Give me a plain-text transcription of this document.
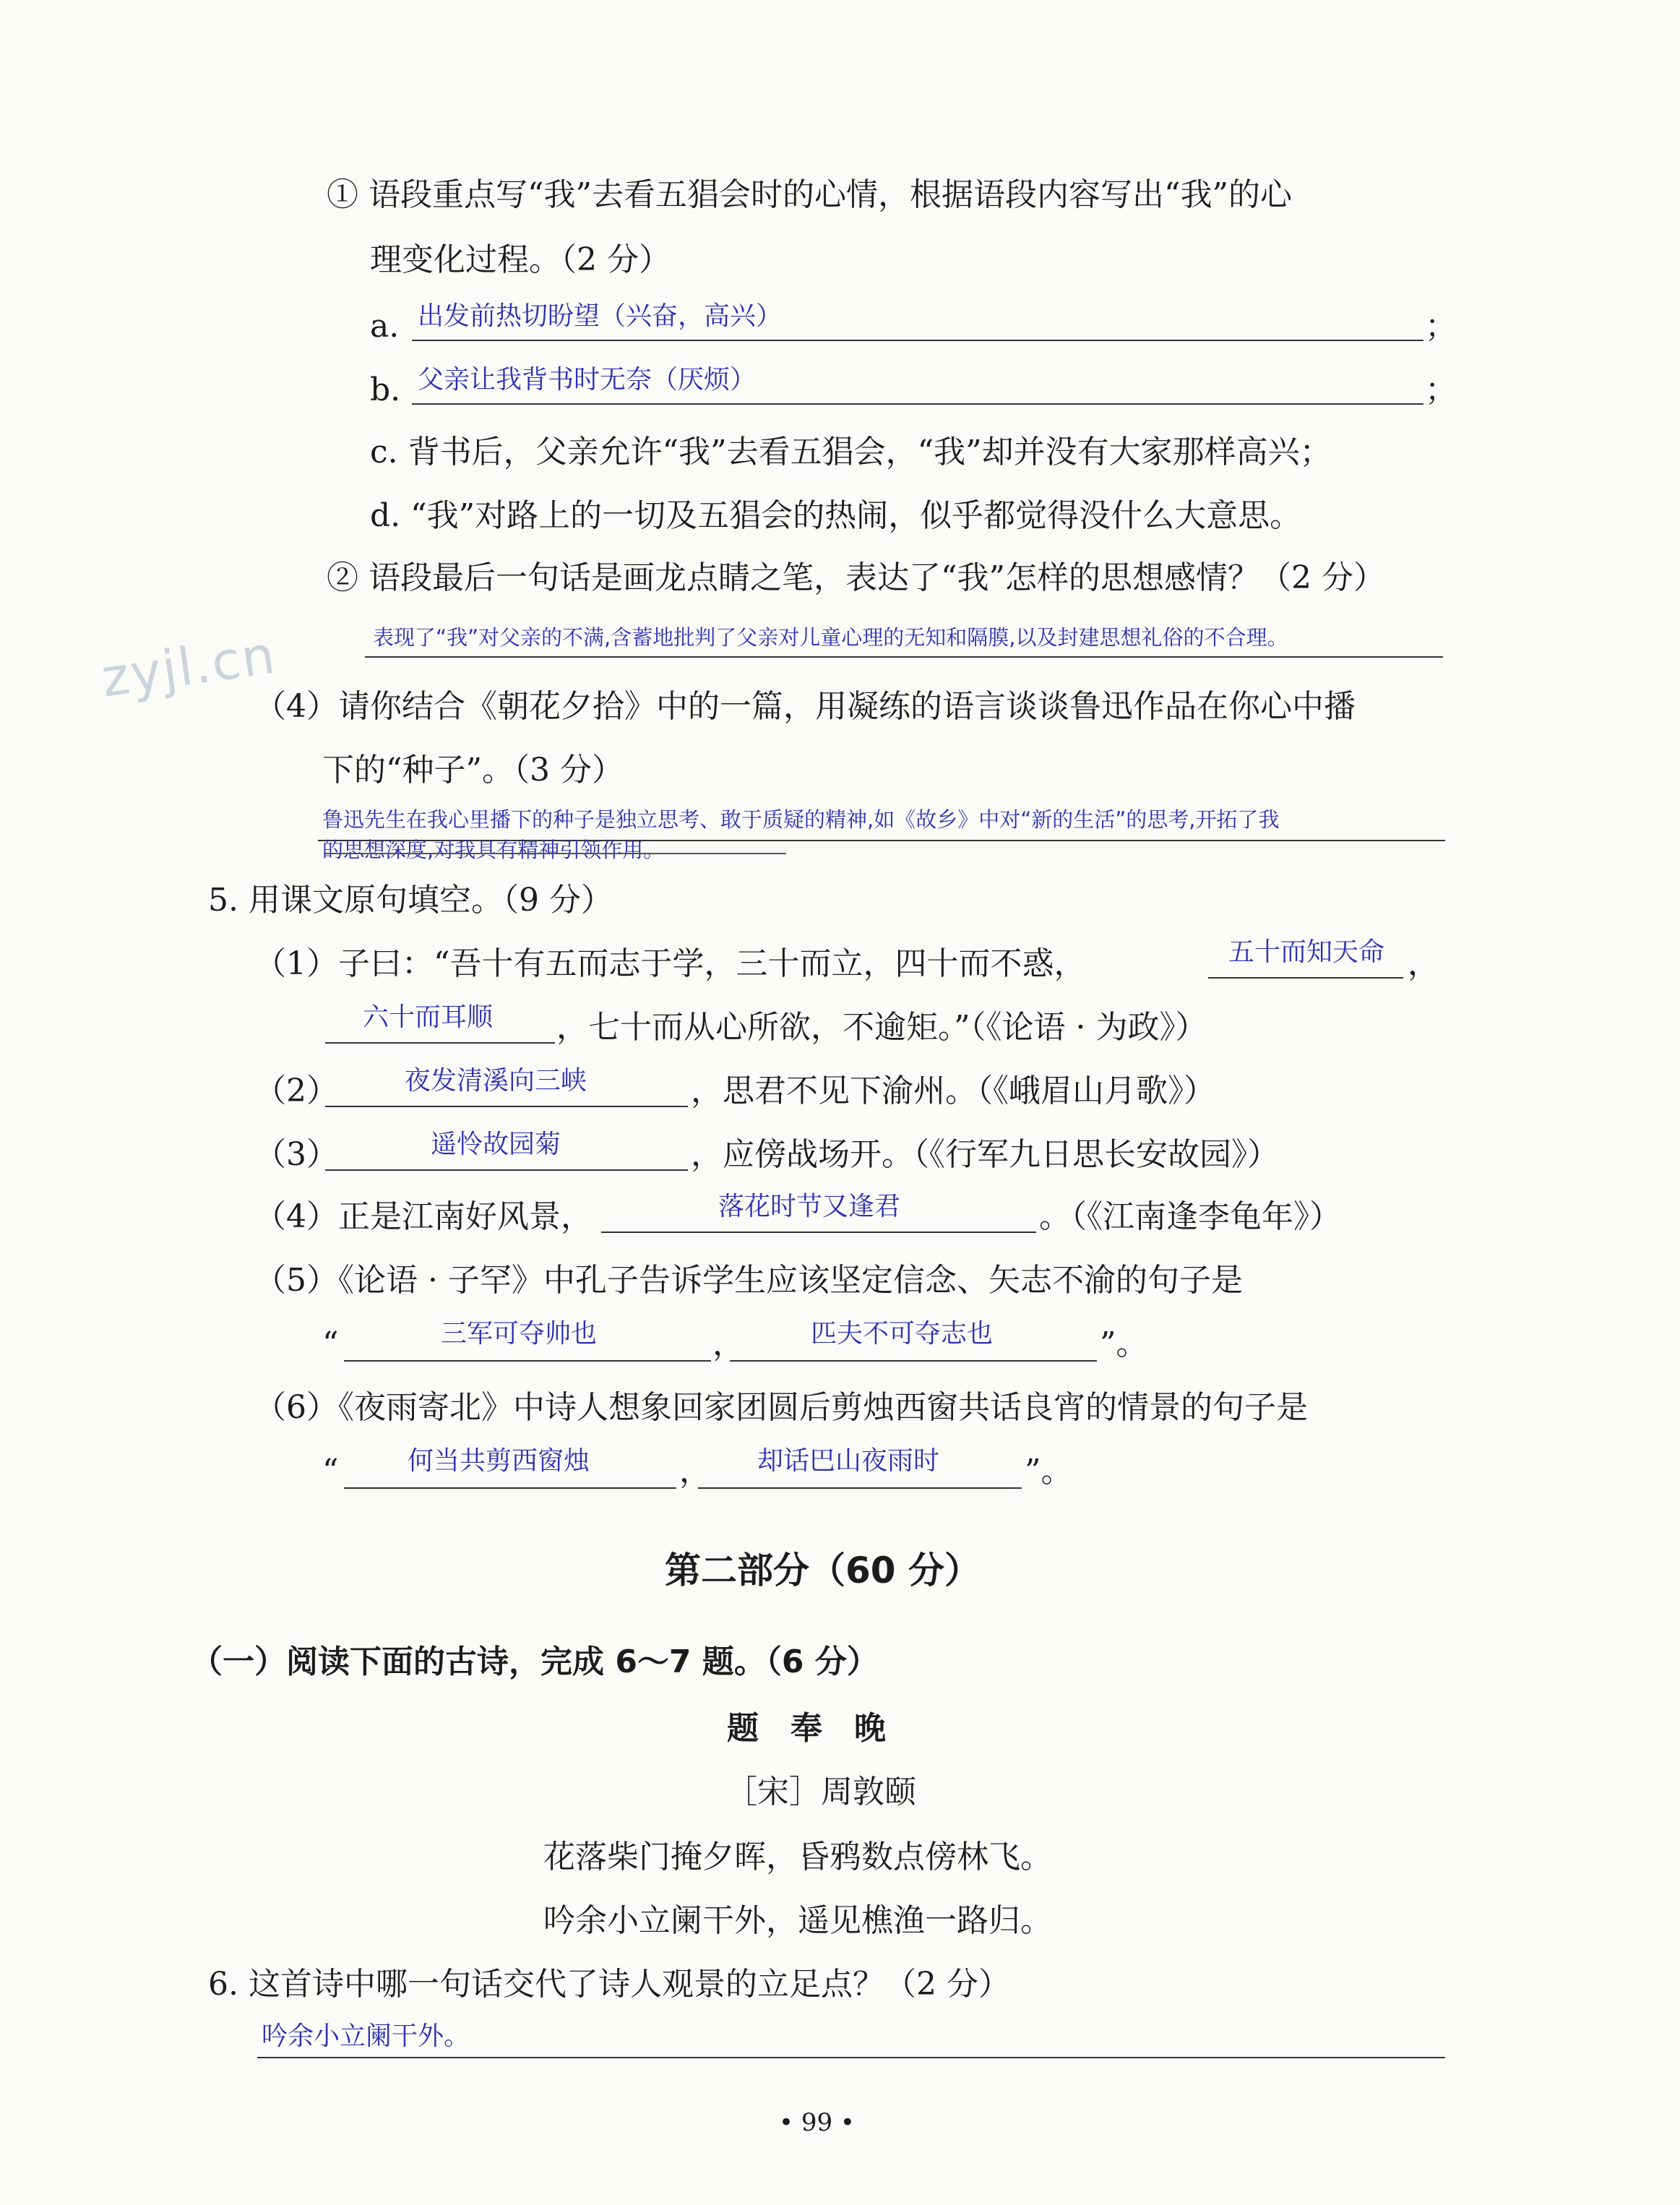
zyjl.cn
① 语段重点写“我”去看五猖会时的心情，根据语段内容写出“我”的心
理变化过程。（2 分）
a. 出发前热切盼望（兴奋，高兴）	；
b. 父亲让我背书时无奈（厌烦）	；
c. 背书后，父亲允许“我”去看五猖会，“我”却并没有大家那样高兴；
d. “我”对路上的一切及五猖会的热闹，似乎都觉得没什么大意思。
② 语段最后一句话是画龙点睛之笔，表达了“我”怎样的思想感情？（2 分）
表现了“我”对父亲的不满,含蓄地批判了父亲对儿童心理的无知和隔膜,以及封建思想礼俗的不合理。
（4）请你结合《朝花夕拾》中的一篇，用凝练的语言谈谈鲁迅作品在你心中播
下的“种子”。（3 分）
鲁迅先生在我心里播下的种子是独立思考、敢于质疑的精神,如《故乡》中对“新的生活”的思考,开拓了我
的思想深度,对我具有精神引领作用。
5. 用课文原句填空。（9 分）
（1）子曰：“吾十有五而志于学，三十而立，四十而不惑，	五十而知天命 ，
六十而耳顺 ，七十而从心所欲，不逾矩。”（《论语 · 为政》）
（2）	夜发清溪向三峡	，思君不见下渝州。（《峨眉山月歌》）
（3）	遥怜故园菊	，应傍战场开。（《行军九日思长安故园》）
（4）正是江南好风景，	落花时节又逢君	。（《江南逢李龟年》）
（5）《论语 · 子罕》中孔子告诉学生应该坚定信念、矢志不渝的句子是
“	三军可夺帅也	，	匹夫不可夺志也	”。
（6）《夜雨寄北》中诗人想象回家团圆后剪烛西窗共话良宵的情景的句子是
“	何当共剪西窗烛	， 却话巴山夜雨时	”。
第二部分（60 分）
（一）阅读下面的古诗，完成 6～7 题。（6 分）
题　奉　晚
［宋］周敦颐
花落柴门掩夕晖，昏鸦数点傍林飞。
吟余小立阑干外，遥见樵渔一路归。
6. 这首诗中哪一句话交代了诗人观景的立足点？（2 分）
吟余小立阑干外。
• 99 •
